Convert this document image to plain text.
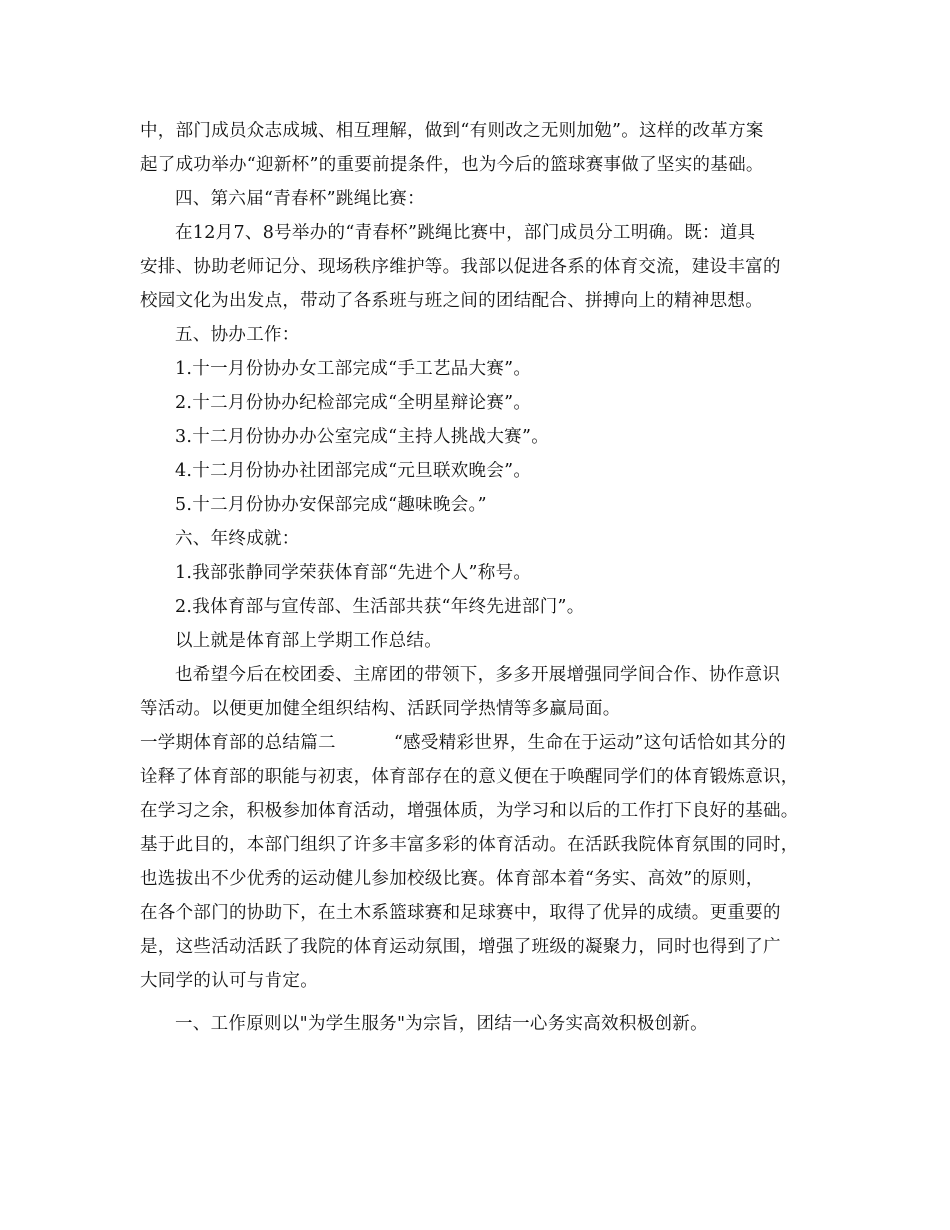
中，部门成员众志成城、相互理解，做到“有则改之无则加勉”。这样的改革方案
起了成功举办“迎新杯”的重要前提条件，也为今后的篮球赛事做了坚实的基础。
四、第六届“青春杯”跳绳比赛：
在12月7、8号举办的“青春杯”跳绳比赛中，部门成员分工明确。既：道具
安排、协助老师记分、现场秩序维护等。我部以促进各系的体育交流，建设丰富的
校园文化为出发点，带动了各系班与班之间的团结配合、拼搏向上的精神思想。
五、协办工作：
1.十一月份协办女工部完成“手工艺品大赛”。
2.十二月份协办纪检部完成“全明星辩论赛”。
3.十二月份协办办公室完成“主持人挑战大赛”。
4.十二月份协办社团部完成“元旦联欢晚会”。
5.十二月份协办安保部完成“趣味晚会。”
六、年终成就：
1.我部张静同学荣获体育部“先进个人”称号。
2.我体育部与宣传部、生活部共获“年终先进部门”。
以上就是体育部上学期工作总结。
也希望今后在校团委、主席团的带领下，多多开展增强同学间合作、协作意识
等活动。以便更加健全组织结构、活跃同学热情等多赢局面。
一学期体育部的总结篇二	“感受精彩世界，生命在于运动”这句话恰如其分的
诠释了体育部的职能与初衷，体育部存在的意义便在于唤醒同学们的体育锻炼意识，
在学习之余，积极参加体育活动，增强体质，为学习和以后的工作打下良好的基础。
基于此目的，本部门组织了许多丰富多彩的体育活动。在活跃我院体育氛围的同时，
也选拔出不少优秀的运动健儿参加校级比赛。体育部本着“务实、高效”的原则，
在各个部门的协助下，在土木系篮球赛和足球赛中，取得了优异的成绩。更重要的
是，这些活动活跃了我院的体育运动氛围，增强了班级的凝聚力，同时也得到了广
大同学的认可与肯定。
一、工作原则以"为学生服务"为宗旨，团结一心务实高效积极创新。
